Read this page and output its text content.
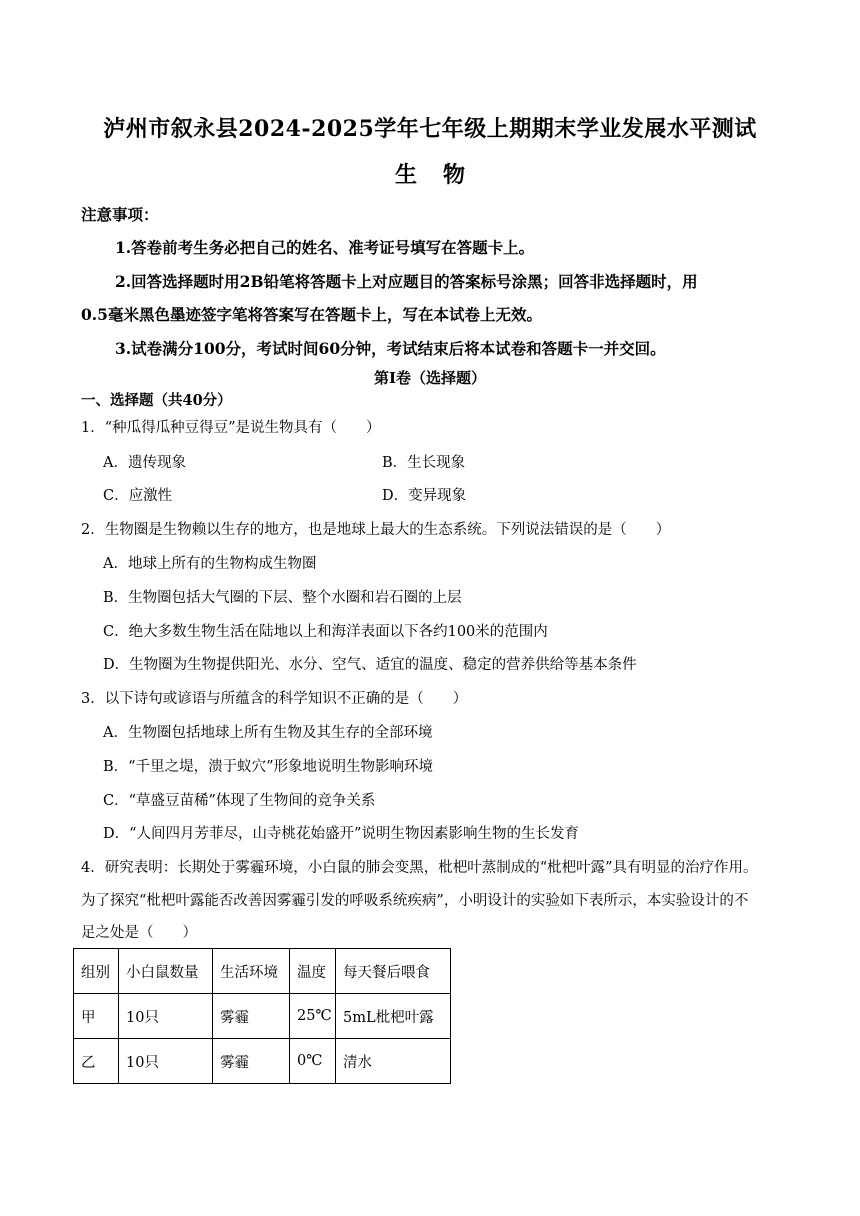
泸州市叙永县2024-2025学年七年级上期期末学业发展水平测试
生物
注意事项：
1.答卷前考生务必把自己的姓名、准考证号填写在答题卡上。
2.回答选择题时用2B铅笔将答题卡上对应题目的答案标号涂黑；回答非选择题时，用
0.5毫米黑色墨迹签字笔将答案写在答题卡上，写在本试卷上无效。
3.试卷满分100分，考试时间60分钟，考试结束后将本试卷和答题卡一并交回。
第Ⅰ卷（选择题）
一、选择题（共40分）
1．“种瓜得瓜种豆得豆”是说生物具有（　　）
A．遗传现象	B．生长现象
C．应激性	D．变异现象
2．生物圈是生物赖以生存的地方，也是地球上最大的生态系统。下列说法错误的是（　　）
A．地球上所有的生物构成生物圈
B．生物圈包括大气圈的下层、整个水圈和岩石圈的上层
C．绝大多数生物生活在陆地以上和海洋表面以下各约100米的范围内
D．生物圈为生物提供阳光、水分、空气、适宜的温度、稳定的营养供给等基本条件
3．以下诗句或谚语与所蕴含的科学知识不正确的是（　　）
A．生物圈包括地球上所有生物及其生存的全部环境
B．“千里之堤，溃于蚁穴”形象地说明生物影响环境
C．“草盛豆苗稀”体现了生物间的竞争关系
D．“人间四月芳菲尽，山寺桃花始盛开”说明生物因素影响生物的生长发育
4．研究表明：长期处于雾霾环境，小白鼠的肺会变黑，枇杷叶蒸制成的“枇杷叶露”具有明显的治疗作用。
为了探究“枇杷叶露能否改善因雾霾引发的呼吸系统疾病”，小明设计的实验如下表所示，本实验设计的不
足之处是（　　）
组别	小白鼠数量	生活环境	温度	每天餐后喂食
甲	10只	雾霾	25℃	5mL枇杷叶露
乙	10只	雾霾	0℃	清水
